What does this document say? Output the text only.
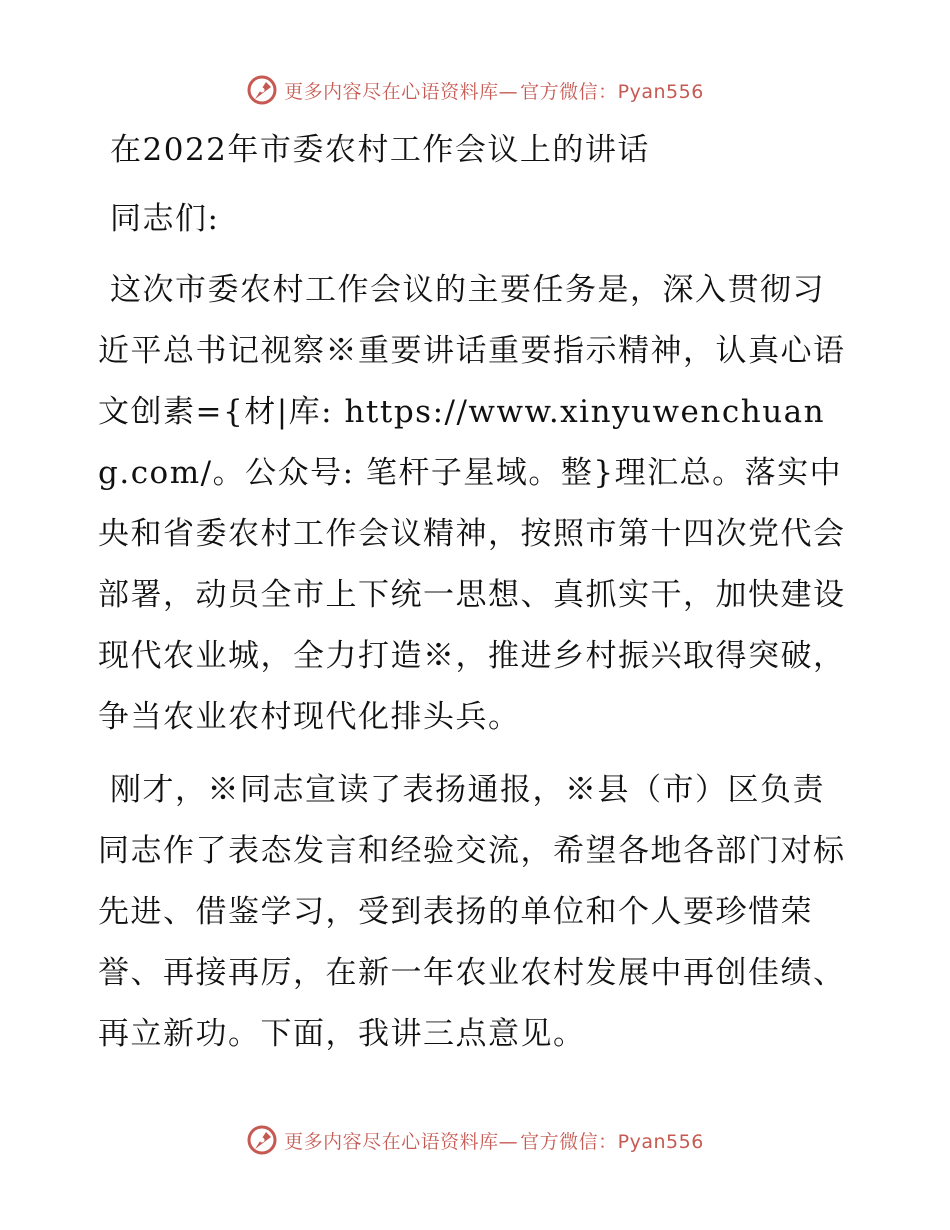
更多内容尽在心语资料库— 官方微信：Pyan556

在2022年市委农村工作会议上的讲话

同志们:

这次市委农村工作会议的主要任务是，深入贯彻习近平总书记视察※重要讲话重要指示精神，认真心语文创素={材|库: https://www.xinyuwenchuang.com/。公众号: 笔杆子星域。整}理汇总。落实中央和省委农村工作会议精神，按照市第十四次党代会部署，动员全市上下统一思想、真抓实干，加快建设现代农业城，全力打造※，推进乡村振兴取得突破，争当农业农村现代化排头兵。

刚才，※同志宣读了表扬通报，※县（市）区负责同志作了表态发言和经验交流，希望各地各部门对标先进、借鉴学习，受到表扬的单位和个人要珍惜荣誉、再接再厉，在新一年农业农村发展中再创佳绩、再立新功。下面，我讲三点意见。

更多内容尽在心语资料库— 官方微信：Pyan556
